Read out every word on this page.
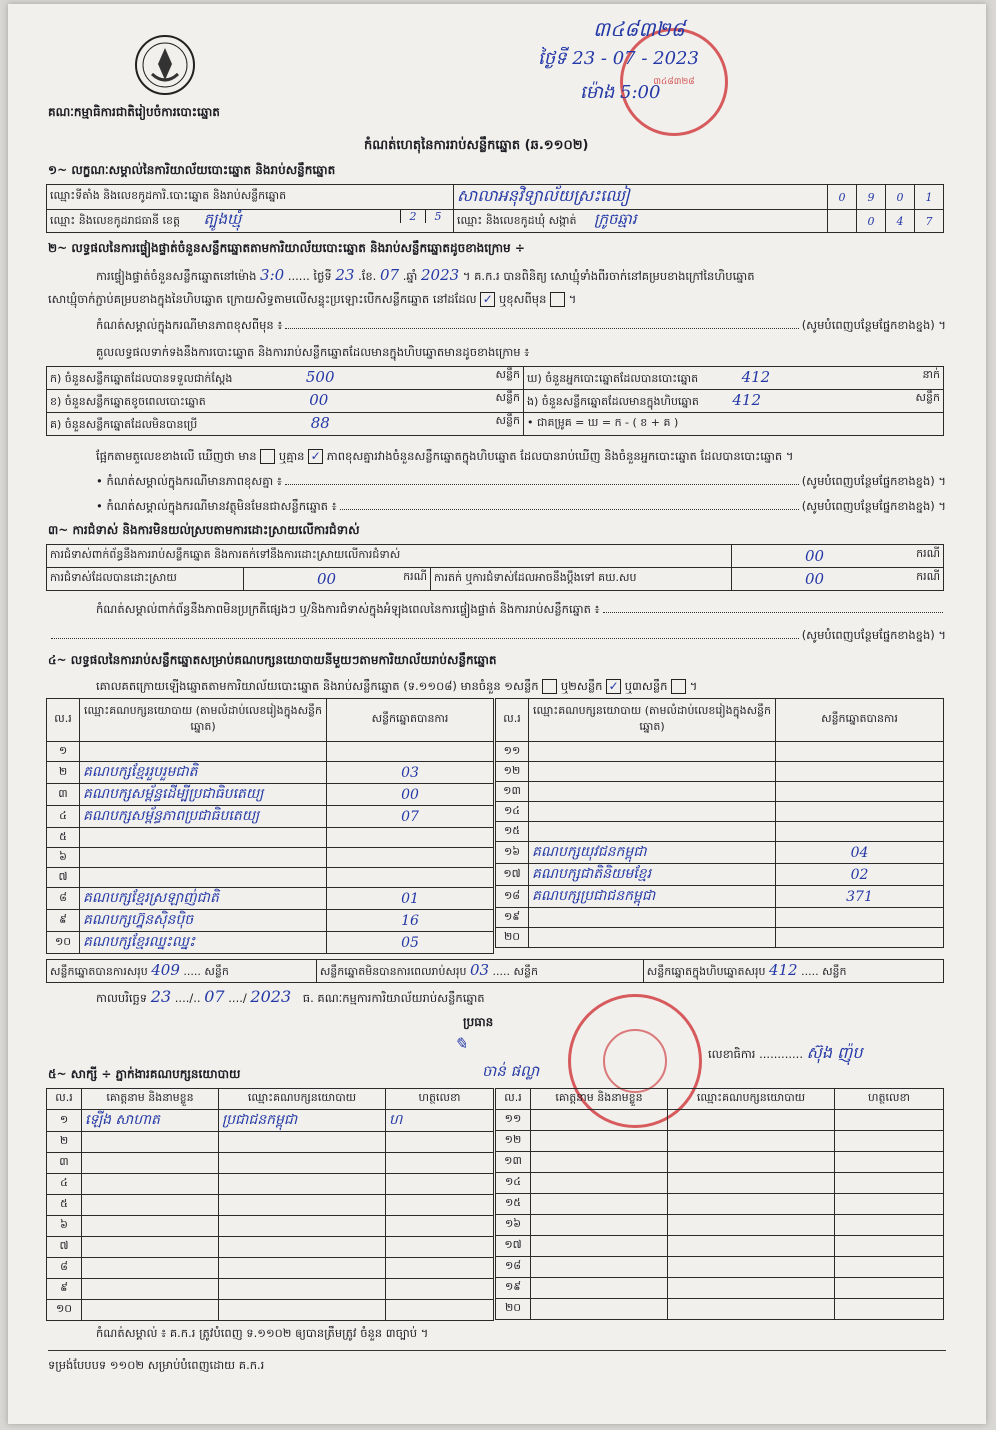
គណៈកម្មាធិការជាតិរៀបចំការបោះឆ្នោត
៣៤៨៣២៨
៣៤៨៣២៨
ថ្ងៃទី 23 - 07 - 2023
ម៉ោង 5:00
កំណត់ហេតុនៃការរាប់សន្លឹកឆ្នោត (ឆ.១១០២)
១~ លក្ខណៈសម្គាល់នៃការិយាល័យបោះឆ្នោត និងរាប់សន្លឹកឆ្នោត
ឈ្មោះទីតាំង និងលេខកូដការិ.បោះឆ្នោត និងរាប់សន្លឹកឆ្នោត	សាលាអនុវិទ្យាល័យស្រះឈៀ	0	9	0	1
ឈ្មោះ និងលេខកូដរាជធានី ខេត្ត ត្បូងឃ្មុំ 2 5	ឈ្មោះ និងលេខកូដឃុំ សង្កាត់ ក្រូចឆ្មារ		0	4	7
២~ លទ្ធផលនៃការផ្ទៀងផ្ទាត់ចំនួនសន្លឹកឆ្នោតតាមការិយាល័យបោះឆ្នោត និងរាប់សន្លឹកឆ្នោតដូចខាងក្រោម ÷
ការផ្ទៀងផ្ទាត់ចំនួនសន្លឹកឆ្នោតនៅម៉ោង 3:0 ...... ថ្ងៃទី 23 .ខែ. 07 .ឆ្នាំ 2023 ។ គ.ក.រ បានពិនិត្យ សោឃ្មុំទាំងពីរចាក់នៅគម្របខាងក្រៅនៃហិបឆ្នោត
សោឃ្មុំចាក់ភ្ជាប់គម្របខាងក្នុងនៃហិបឆ្នោត ក្រោយសិទ្ធតាមលើសន្ទុះប្រឡោះបើកសន្លឹកឆ្នោត នៅដដែល ✓ ឬខុសពីមុន  ។
កំណត់សម្គាល់ក្នុងករណីមានភាពខុសពីមុន ៖	(សូមបំពេញបន្ថែមផ្នែកខាងខ្នង) ។
គួលលទ្ធផលទាក់ទងនឹងការបោះឆ្នោត និងការរាប់សន្លឹកឆ្នោតដែលមានក្នុងហិបឆ្នោតមានដូចខាងក្រោម ៖
ក) ចំនួនសន្លឹកឆ្នោតដែលបានទទួលជាក់ស្តែង 500 សន្លឹក	ឃ) ចំនួនអ្នកបោះឆ្នោតដែលបានបោះឆ្នោត 412 នាក់

ខ) ចំនួនសន្លឹកឆ្នោតខូចពេលបោះឆ្នោត 00 សន្លឹក	ង) ចំនួនសន្លឹកឆ្នោតដែលមានក្នុងហិបឆ្នោត 412 សន្លឹក

គ) ចំនួនសន្លឹកឆ្នោតដែលមិនបានប្រើ 88 សន្លឹក	• ជាគម្រូគ = ឃ = ក - ( ខ + គ )
ផ្អែកតាមតួលេខខាងលើ ឃើញថា មាន ឬគ្មាន ✓ ភាពខុសគ្នារវាងចំនួនសន្លឹកឆ្នោតក្នុងហិបឆ្នោត ដែលបានរាប់ឃើញ និងចំនួនអ្នកបោះឆ្នោត ដែលបានបោះឆ្នោត ។
• កំណត់សម្គាល់ក្នុងករណីមានភាពខុសគ្នា ៖	(សូមបំពេញបន្ថែមផ្នែកខាងខ្នង) ។
• កំណត់សម្គាល់ក្នុងករណីមានវត្ថុមិនមែនជាសន្លឹកឆ្នោត ៖	(សូមបំពេញបន្ថែមផ្នែកខាងខ្នង) ។
៣~ ការជំទាស់ និងការមិនយល់ស្របតាមការដោះស្រាយលើការជំទាស់
ការជំទាស់ពាក់ព័ន្ធនឹងការរាប់សន្លឹកឆ្នោត និងការតក់ទៅនឹងការដោះស្រាយលើការជំទាស់			00 ករណី

ការជំទាស់ដែលបានដោះស្រាយ	00 ករណី	ការតក់ ឬការជំទាស់ដែលអាចនឹងប្តឹងទៅ គឃ.សប	00 ករណី
កំណត់សម្គាល់ពាក់ព័ន្ធនឹងភាពមិនប្រក្រតីផ្សេងៗ ឬ/និងការជំទាស់ក្នុងអំឡុងពេលនៃការផ្ទៀងផ្ទាត់ និងការរាប់សន្លឹកឆ្នោត ៖
(សូមបំពេញបន្ថែមផ្នែកខាងខ្នង) ។
៤~ លទ្ធផលនៃការរាប់សន្លឹកឆ្នោតសម្រាប់គណបក្សនយោបាយនីមួយៗតាមការិយាល័យរាប់សន្លឹកឆ្នោត
គោលគតក្រោយឡើងឆ្នោតតាមការិយាល័យបោះឆ្នោត និងរាប់សន្លឹកឆ្នោត (ទ.១១០៨) មានចំនួន ១សន្លឹក ឬ២សន្លឹក ✓ ឬ៣សន្លឹក  ។
ល.រ	ឈ្មោះគណបក្សនយោបាយ (តាមលំដាប់លេខរៀងក្នុងសន្លឹកឆ្នោត)	សន្លឹកឆ្នោតបានការ
១		
២	គណបក្សខ្មែររួបរួមជាតិ	03
៣	គណបក្សសម្ព័ន្ធដើម្បីប្រជាធិបតេយ្យ	00
៤	គណបក្សសម្ព័ន្ធភាពប្រជាធិបតេយ្យ	07
៥		
៦		
៧		
៨	គណបក្សខ្មែរស្រឡាញ់ជាតិ	01
៩	គណបក្សហ្វ៊ុនស៊ិនប៉ិច	16
១០	គណបក្សខ្មែរឈ្នះឈ្នះ	05
ល.រ	ឈ្មោះគណបក្សនយោបាយ (តាមលំដាប់លេខរៀងក្នុងសន្លឹកឆ្នោត)	សន្លឹកឆ្នោតបានការ
១១		
១២		
១៣		
១៤		
១៥		
១៦	គណបក្សយុវជនកម្ពុជា	04
១៧	គណបក្សជាតិនិយមខ្មែរ	02
១៨	គណបក្សប្រជាជនកម្ពុជា	371
១៩		
២០		
សន្លឹកឆ្នោតបានការសរុប 409 ..... សន្លឹក	សន្លឹកឆ្នោតមិនបានការពេលរាប់សរុប 03 ..... សន្លឹក	សន្លឹកឆ្នោតក្នុងហិបឆ្នោតសរុប 412 ..... សន្លឹក
កាលបរិច្ឆេទ 23 ..../.. 07 ..../ 2023 ធ. គណៈកម្មការការិយាល័យរាប់សន្លឹកឆ្នោត
ប្រធាន
✎
ចាន់ ផល្លា
លេខាធិការ ............ ស៊ុង ញ៉ុប
៥~ សាក្សី ÷ ភ្នាក់ងារគណបក្សនយោបាយ
ល.រ	គោត្តនាម និងនាមខ្លួន	ឈ្មោះគណបក្សនយោបាយ	ហត្ថលេខា
១	ឡើង សាហាត	ប្រជាជនកម្ពុជា	ហ
២			
៣			
៤			
៥			
៦			
៧			
៨			
៩			
១០			
ល.រ	គោត្តនាម និងនាមខ្លួន	ឈ្មោះគណបក្សនយោបាយ	ហត្ថលេខា
១១			
១២			
១៣			
១៤			
១៥			
១៦			
១៧			
១៨			
១៩			
២០			
កំណត់សម្គាល់ ៖ គ.ក.រ ត្រូវបំពេញ ទ.១១០២ ឲ្យបានត្រឹមត្រូវ ចំនួន ៣ច្បាប់ ។
ទម្រង់បែបបទ ១១០២ សម្រាប់បំពេញដោយ គ.ក.រ
